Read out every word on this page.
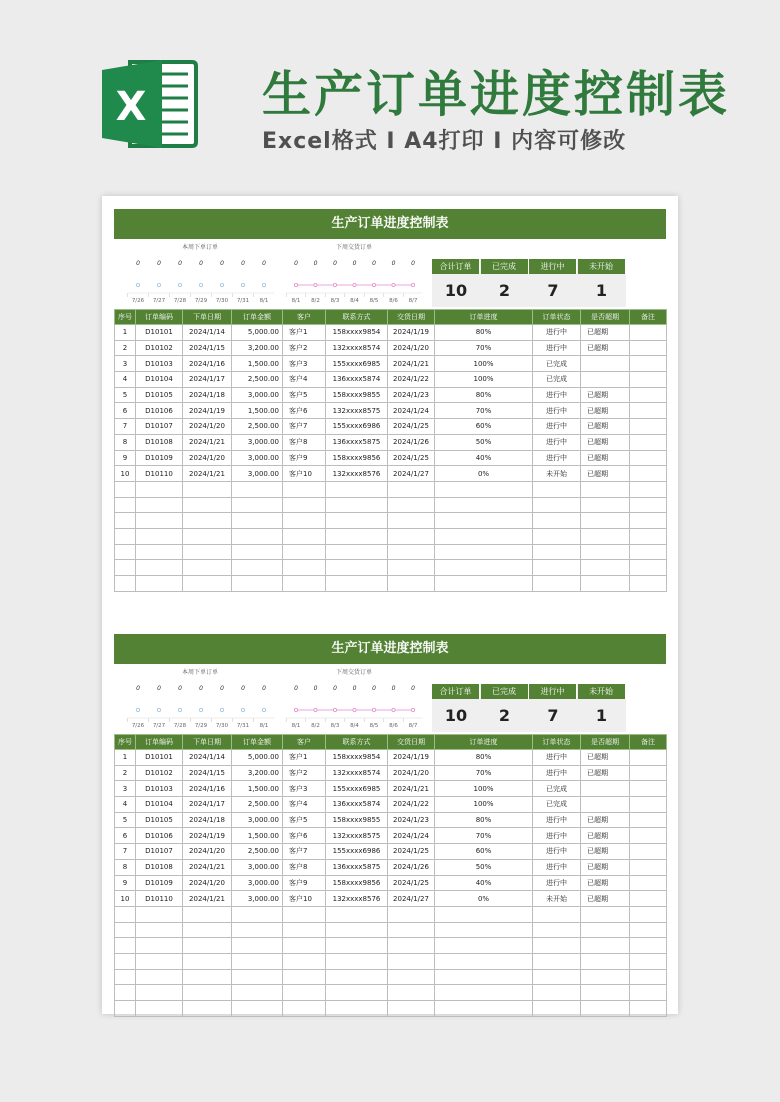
X 生产订单进度控制表
Excel格式 I A4打印 I 内容可修改
生产订单进度控制表
本周下单订单	下周交货订单
0
7/26
0
7/27
0
7/28
0
7/29
0
7/30
0
7/31
0
8/1
0
8/1
0
8/2
0
8/3
0
8/4
0
8/5
0
8/6
0
8/7
合计订单
10
已完成
2
进行中
7
未开始
1
序号	订单编码	下单日期	订单金额	客户	联系方式	交货日期	订单进度	订单状态	是否超期	备注
1	D10101	2024/1/14	5,000.00	客户1	158xxxx9854	2024/1/19	80%	进行中	已超期	
2	D10102	2024/1/15	3,200.00	客户2	132xxxx8574	2024/1/20	70%	进行中	已超期	
3	D10103	2024/1/16	1,500.00	客户3	155xxxx6985	2024/1/21	100%	已完成		
4	D10104	2024/1/17	2,500.00	客户4	136xxxx5874	2024/1/22	100%	已完成		
5	D10105	2024/1/18	3,000.00	客户5	158xxxx9855	2024/1/23	80%	进行中	已超期	
6	D10106	2024/1/19	1,500.00	客户6	132xxxx8575	2024/1/24	70%	进行中	已超期	
7	D10107	2024/1/20	2,500.00	客户7	155xxxx6986	2024/1/25	60%	进行中	已超期	
8	D10108	2024/1/21	3,000.00	客户8	136xxxx5875	2024/1/26	50%	进行中	已超期	
9	D10109	2024/1/20	3,000.00	客户9	158xxxx9856	2024/1/25	40%	进行中	已超期	
10	D10110	2024/1/21	3,000.00	客户10	132xxxx8576	2024/1/27	0%	未开始	已超期	

生产订单进度控制表
本周下单订单	下周交货订单
0
7/26
0
7/27
0
7/28
0
7/29
0
7/30
0
7/31
0
8/1
0
8/1
0
8/2
0
8/3
0
8/4
0
8/5
0
8/6
0
8/7
合计订单
10
已完成
2
进行中
7
未开始
1
序号	订单编码	下单日期	订单金额	客户	联系方式	交货日期	订单进度	订单状态	是否超期	备注
1	D10101	2024/1/14	5,000.00	客户1	158xxxx9854	2024/1/19	80%	进行中	已超期	
2	D10102	2024/1/15	3,200.00	客户2	132xxxx8574	2024/1/20	70%	进行中	已超期	
3	D10103	2024/1/16	1,500.00	客户3	155xxxx6985	2024/1/21	100%	已完成		
4	D10104	2024/1/17	2,500.00	客户4	136xxxx5874	2024/1/22	100%	已完成		
5	D10105	2024/1/18	3,000.00	客户5	158xxxx9855	2024/1/23	80%	进行中	已超期	
6	D10106	2024/1/19	1,500.00	客户6	132xxxx8575	2024/1/24	70%	进行中	已超期	
7	D10107	2024/1/20	2,500.00	客户7	155xxxx6986	2024/1/25	60%	进行中	已超期	
8	D10108	2024/1/21	3,000.00	客户8	136xxxx5875	2024/1/26	50%	进行中	已超期	
9	D10109	2024/1/20	3,000.00	客户9	158xxxx9856	2024/1/25	40%	进行中	已超期	
10	D10110	2024/1/21	3,000.00	客户10	132xxxx8576	2024/1/27	0%	未开始	已超期	
